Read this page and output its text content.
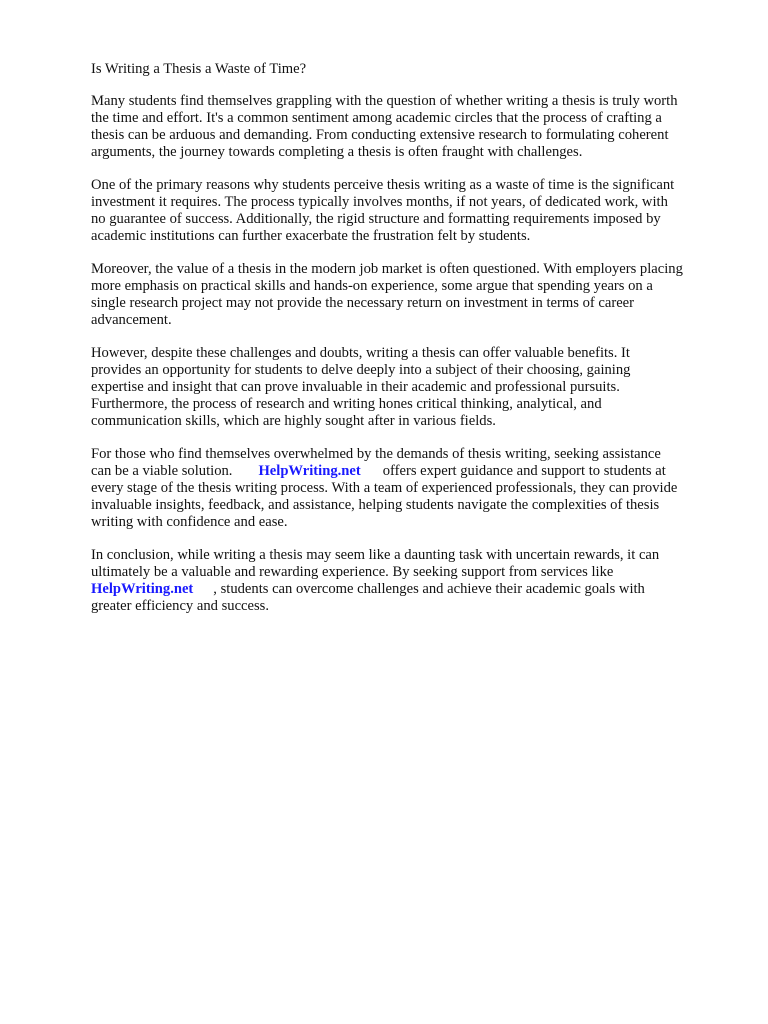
Is Writing a Thesis a Waste of Time?

Many students find themselves grappling with the question of whether writing a thesis is truly worth
the time and effort. It's a common sentiment among academic circles that the process of crafting a
thesis can be arduous and demanding. From conducting extensive research to formulating coherent
arguments, the journey towards completing a thesis is often fraught with challenges.

One of the primary reasons why students perceive thesis writing as a waste of time is the significant
investment it requires. The process typically involves months, if not years, of dedicated work, with
no guarantee of success. Additionally, the rigid structure and formatting requirements imposed by
academic institutions can further exacerbate the frustration felt by students.

Moreover, the value of a thesis in the modern job market is often questioned. With employers placing
more emphasis on practical skills and hands-on experience, some argue that spending years on a
single research project may not provide the necessary return on investment in terms of career
advancement.

However, despite these challenges and doubts, writing a thesis can offer valuable benefits. It
provides an opportunity for students to delve deeply into a subject of their choosing, gaining
expertise and insight that can prove invaluable in their academic and professional pursuits.
Furthermore, the process of research and writing hones critical thinking, analytical, and
communication skills, which are highly sought after in various fields.

For those who find themselves overwhelmed by the demands of thesis writing, seeking assistance
can be a viable solution. HelpWriting.net offers expert guidance and support to students at
every stage of the thesis writing process. With a team of experienced professionals, they can provide
invaluable insights, feedback, and assistance, helping students navigate the complexities of thesis
writing with confidence and ease.

In conclusion, while writing a thesis may seem like a daunting task with uncertain rewards, it can
ultimately be a valuable and rewarding experience. By seeking support from services like
HelpWriting.net , students can overcome challenges and achieve their academic goals with
greater efficiency and success.
